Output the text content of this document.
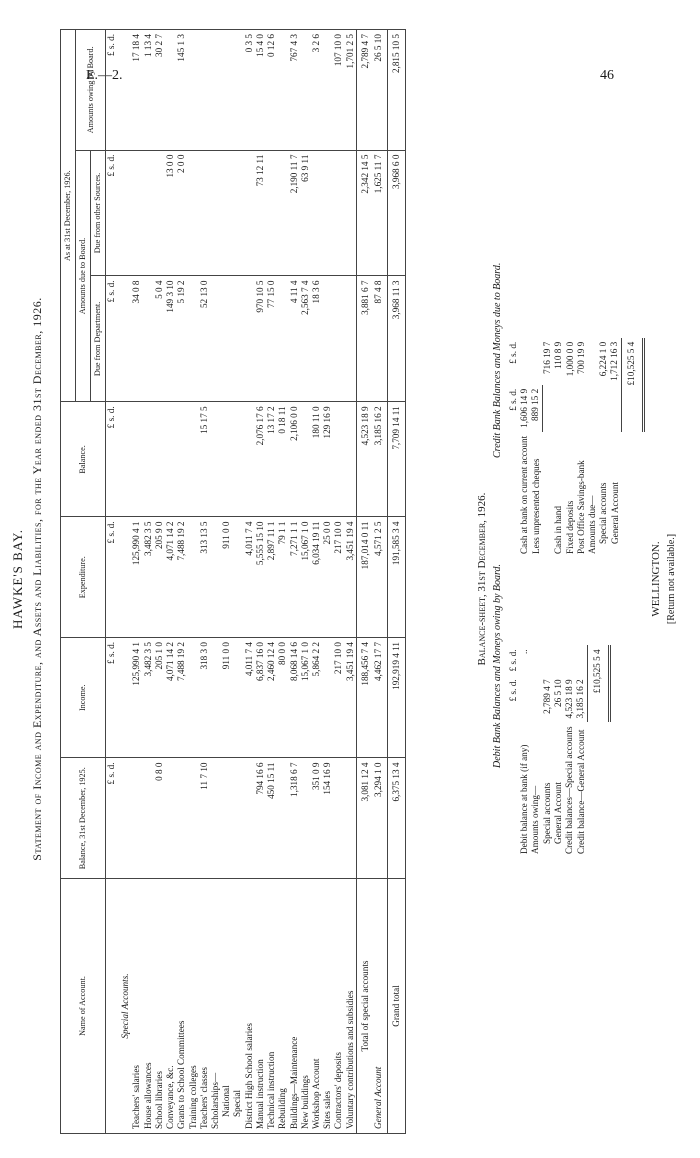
E.—2.	46
HAWKE'S BAY. Statement of Income and Expenditure, and Assets and Liabilities, for the Year ended 31st December, 1926.
Name of Account.	Balance, 31st December, 1925.	Income.	Expenditure.	Balance.	As at 31st December, 1926.		
					Amounts due to Board.		Amounts owing by Board.
					Due from Department.	Due from other Sources.	
	£ s. d.	£ s. d.	£ s. d.	£ s. d.	£ s. d.	£ s. d.	£ s. d.
Special Accounts.							
Teachers' salaries		125,990 4 1	125,990 4 1		34 0 8		17 18 4
House allowances		3,482 3 5	3,482 3 5				1 13 4
School libraries	0 8 0	205 1 0	205 9 0		5 0 4		30 2 7
Conveyance, &c.		4,071 14 2	4,071 14 2		149 3 10	13 0 0	
Grants to School Committees		7,488 19 2	7,488 19 2		5 19 2	2 0 0	145 1 3
Training colleges							
Teachers' classes	11 7 10	318 3 0	313 13 5	15 17 5	52 13 0		
Scholarships—							
National		911 0 0	911 0 0				
Special							
District High School salaries		4,011 7 4	4,011 7 4				0 3 5
Manual instruction	794 16 6	6,837 16 0	5,555 15 10	2,076 17 6	970 10 5	73 12 11	15 4 0
Technical instruction	450 15 11	2,460 12 4	2,897 11 1	13 17 2	77 15 0		0 12 6
Rebuilding		80 0 0	79 1 1	0 18 11			
Buildings—Maintenance	1,318 6 7	8,068 14 6	7,271 1 1	2,106 0 0	4 11 4	2,190 11 7	767 4 3
New buildings		15,067 1 0	15,067 1 0		2,563 7 4	63 9 11	
Workshop Account	351 0 9	5,864 2 2	6,034 19 11	180 11 0	18 3 6		3 2 6
Sites sales	154 16 9		25 0 0	129 16 9			
Contractors' deposits		217 10 0	217 10 0				107 10 0
Voluntary contributions and subsidies		3,451 19 4	3,451 19 4				1,701 2 5
Total of special accounts	3,081 12 4	188,456 7 4	187,014 0 11	4,523 18 9	3,881 6 7	2,342 14 5	2,789 4 7
General Account	3,294 1 0	4,462 17 7	4,571 2 5	3,185 16 2	87 4 8	1,625 11 7	26 5 10
Grand total	6,375 13 4	192,919 4 11	191,585 3 4	7,709 14 11	3,968 11 3	3,968 6 0	2,815 10 5
Balance-sheet, 31st December, 1926. Debit Bank Balances and Moneys owing by Board.
Credit Bank Balances and Moneys due to Board.
	£ s. d.	£ s. d.
Debit balance at bank (if any)		..
Amounts owing—		
Special accounts	2,789 4 7	
General Account	26 5 10	
Credit balances—Special accounts	4,523 18 9	
Credit balance—General Account	3,185 16 2	
	£10,525 5 4	
	£ s. d.	£ s. d.
Cash at bank on current account	1,606 14 9	
Less unpresented cheques	889 15 2	
		716 19 7
Cash in hand		110 8 9
Fixed deposits		1,000 0 0
Post Office Savings-bank		700 19 9
Amounts due—		
Special accounts		6,224 1 0
General Account		1,712 16 3
	£10,525 5 4	
WELLINGTON. [Return not available.]
